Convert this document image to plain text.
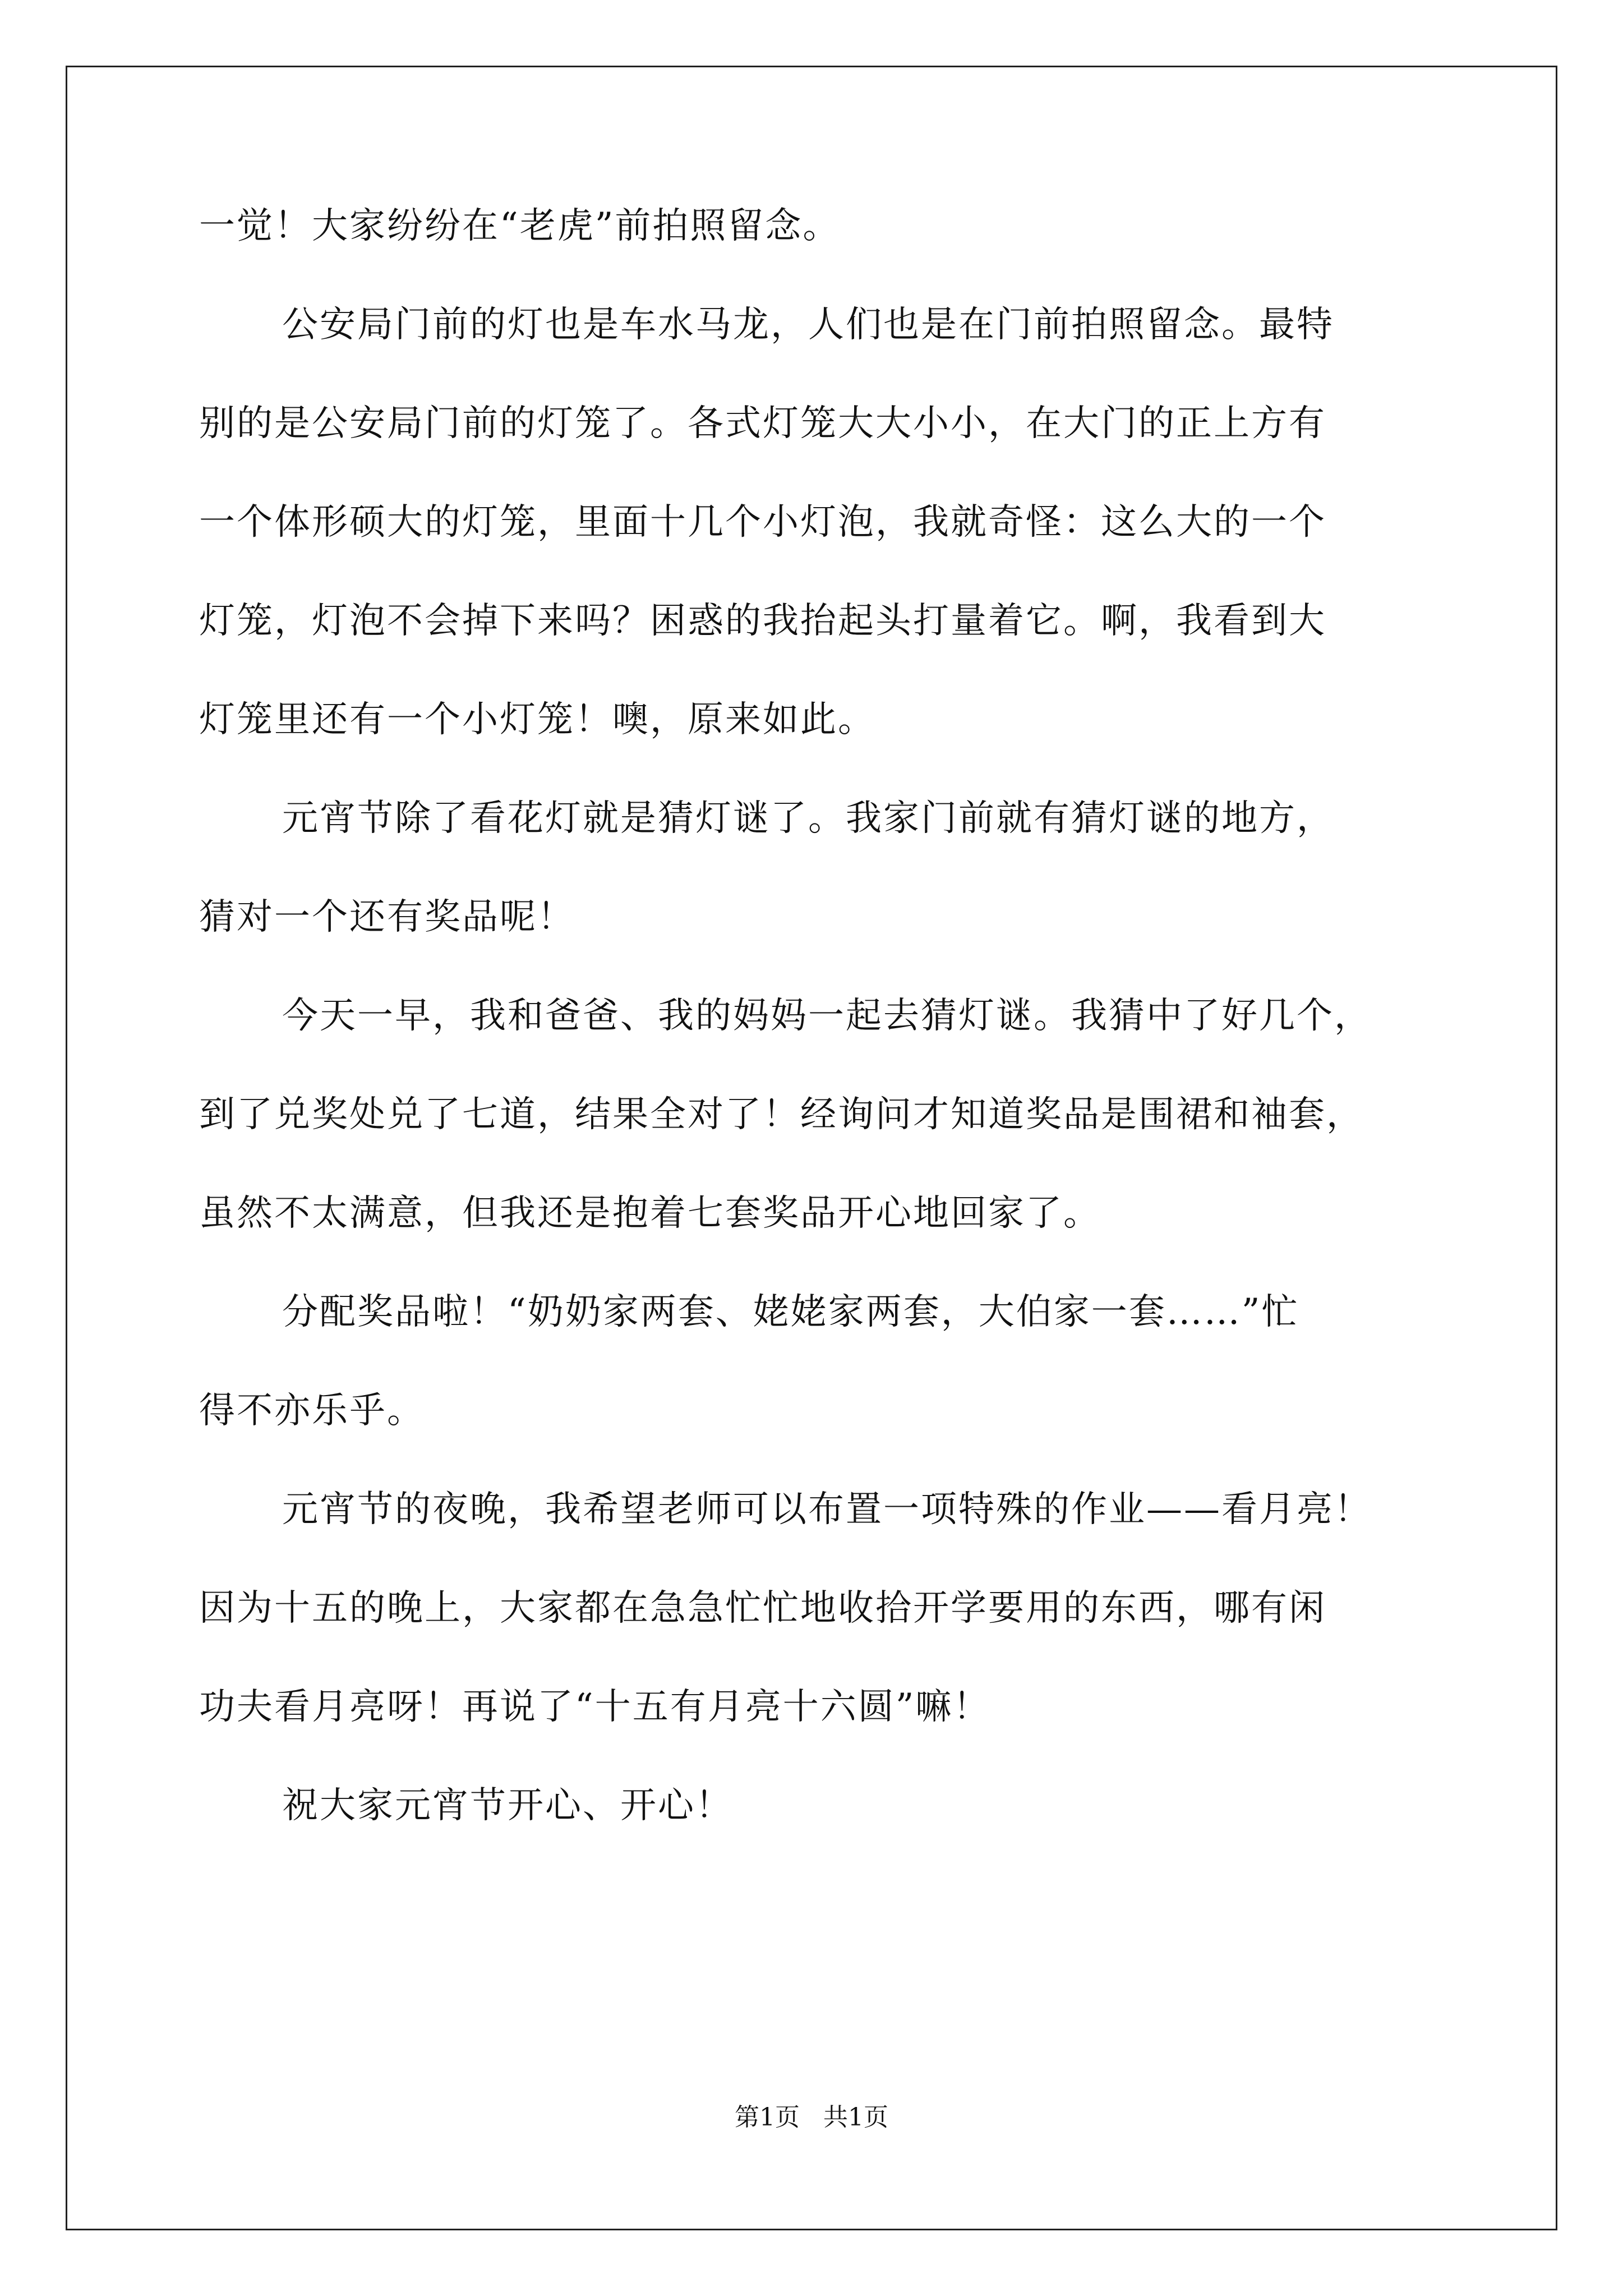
一觉！大家纷纷在“老虎”前拍照留念。
公安局门前的灯也是车水马龙，人们也是在门前拍照留念。最特
别的是公安局门前的灯笼了。各式灯笼大大小小，在大门的正上方有
一个体形硕大的灯笼，里面十几个小灯泡，我就奇怪：这么大的一个
灯笼，灯泡不会掉下来吗？困惑的我抬起头打量着它。啊，我看到大
灯笼里还有一个小灯笼！噢，原来如此。
元宵节除了看花灯就是猜灯谜了。我家门前就有猜灯谜的地方，
猜对一个还有奖品呢！
今天一早，我和爸爸、我的妈妈一起去猜灯谜。我猜中了好几个，
到了兑奖处兑了七道，结果全对了！经询问才知道奖品是围裙和袖套，
虽然不太满意，但我还是抱着七套奖品开心地回家了。
分配奖品啦！“奶奶家两套、姥姥家两套，大伯家一套……”忙
得不亦乐乎。
元宵节的夜晚，我希望老师可以布置一项特殊的作业——看月亮！
因为十五的晚上，大家都在急急忙忙地收拾开学要用的东西，哪有闲
功夫看月亮呀！再说了“十五有月亮十六圆”嘛！
祝大家元宵节开心、开心！
第1页   共1页
